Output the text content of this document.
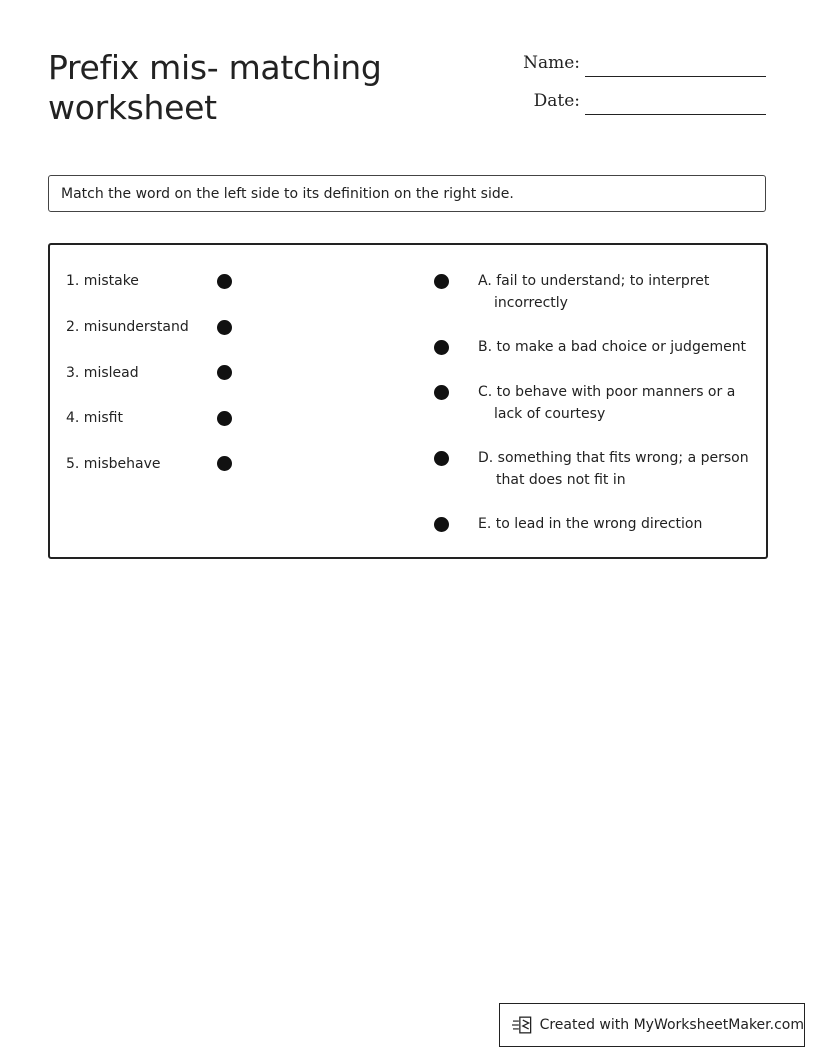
Prefix mis- matching worksheet
Name:
Date:
Match the word on the left side to its definition on the right side.
1. mistake
2. misunderstand
3. mislead
4. misfit
5. misbehave
A. fail to understand; to interpret
incorrectly
B. to make a bad choice or judgement
C. to behave with poor manners or a
lack of courtesy
D. something that fits wrong; a person
that does not fit in
E. to lead in the wrong direction
Created with MyWorksheetMaker.com
